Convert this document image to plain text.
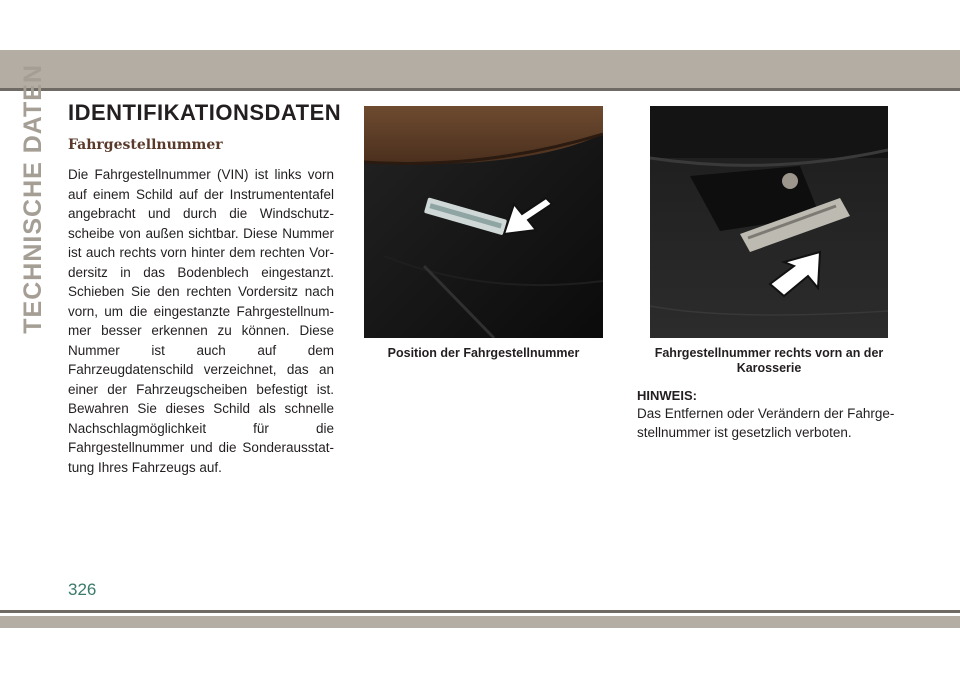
TECHNISCHE DATEN IDENTIFIKATIONSDATEN
Fahrgestellnummer

Die Fahrgestellnummer (VIN) ist links vorn auf einem Schild auf der Instrumententafel angebracht und durch die Windschutzscheibe von außen sichtbar. Diese Nummer ist auch rechts vorn hinter dem rechten Vordersitz in das Bodenblech eingestanzt. Schieben Sie den rechten Vordersitz nach vorn, um die eingestanzte Fahrgestellnummer besser erkennen zu können. Diese Nummer ist auch auf dem Fahrzeugdatenschild verzeichnet, das an einer der Fahrzeugscheiben befestigt ist. Bewahren Sie dieses Schild als schnelle Nachschlagmöglichkeit für die Fahrgestellnummer und die Sonderausstattung Ihres Fahrzeugs auf.

Position der Fahrgestellnummer	Fahrgestellnummer rechts vorn an der Karosserie

HINWEIS:

Das Entfernen oder Verändern der Fahrgestellnummer ist gesetzlich verboten.

326
